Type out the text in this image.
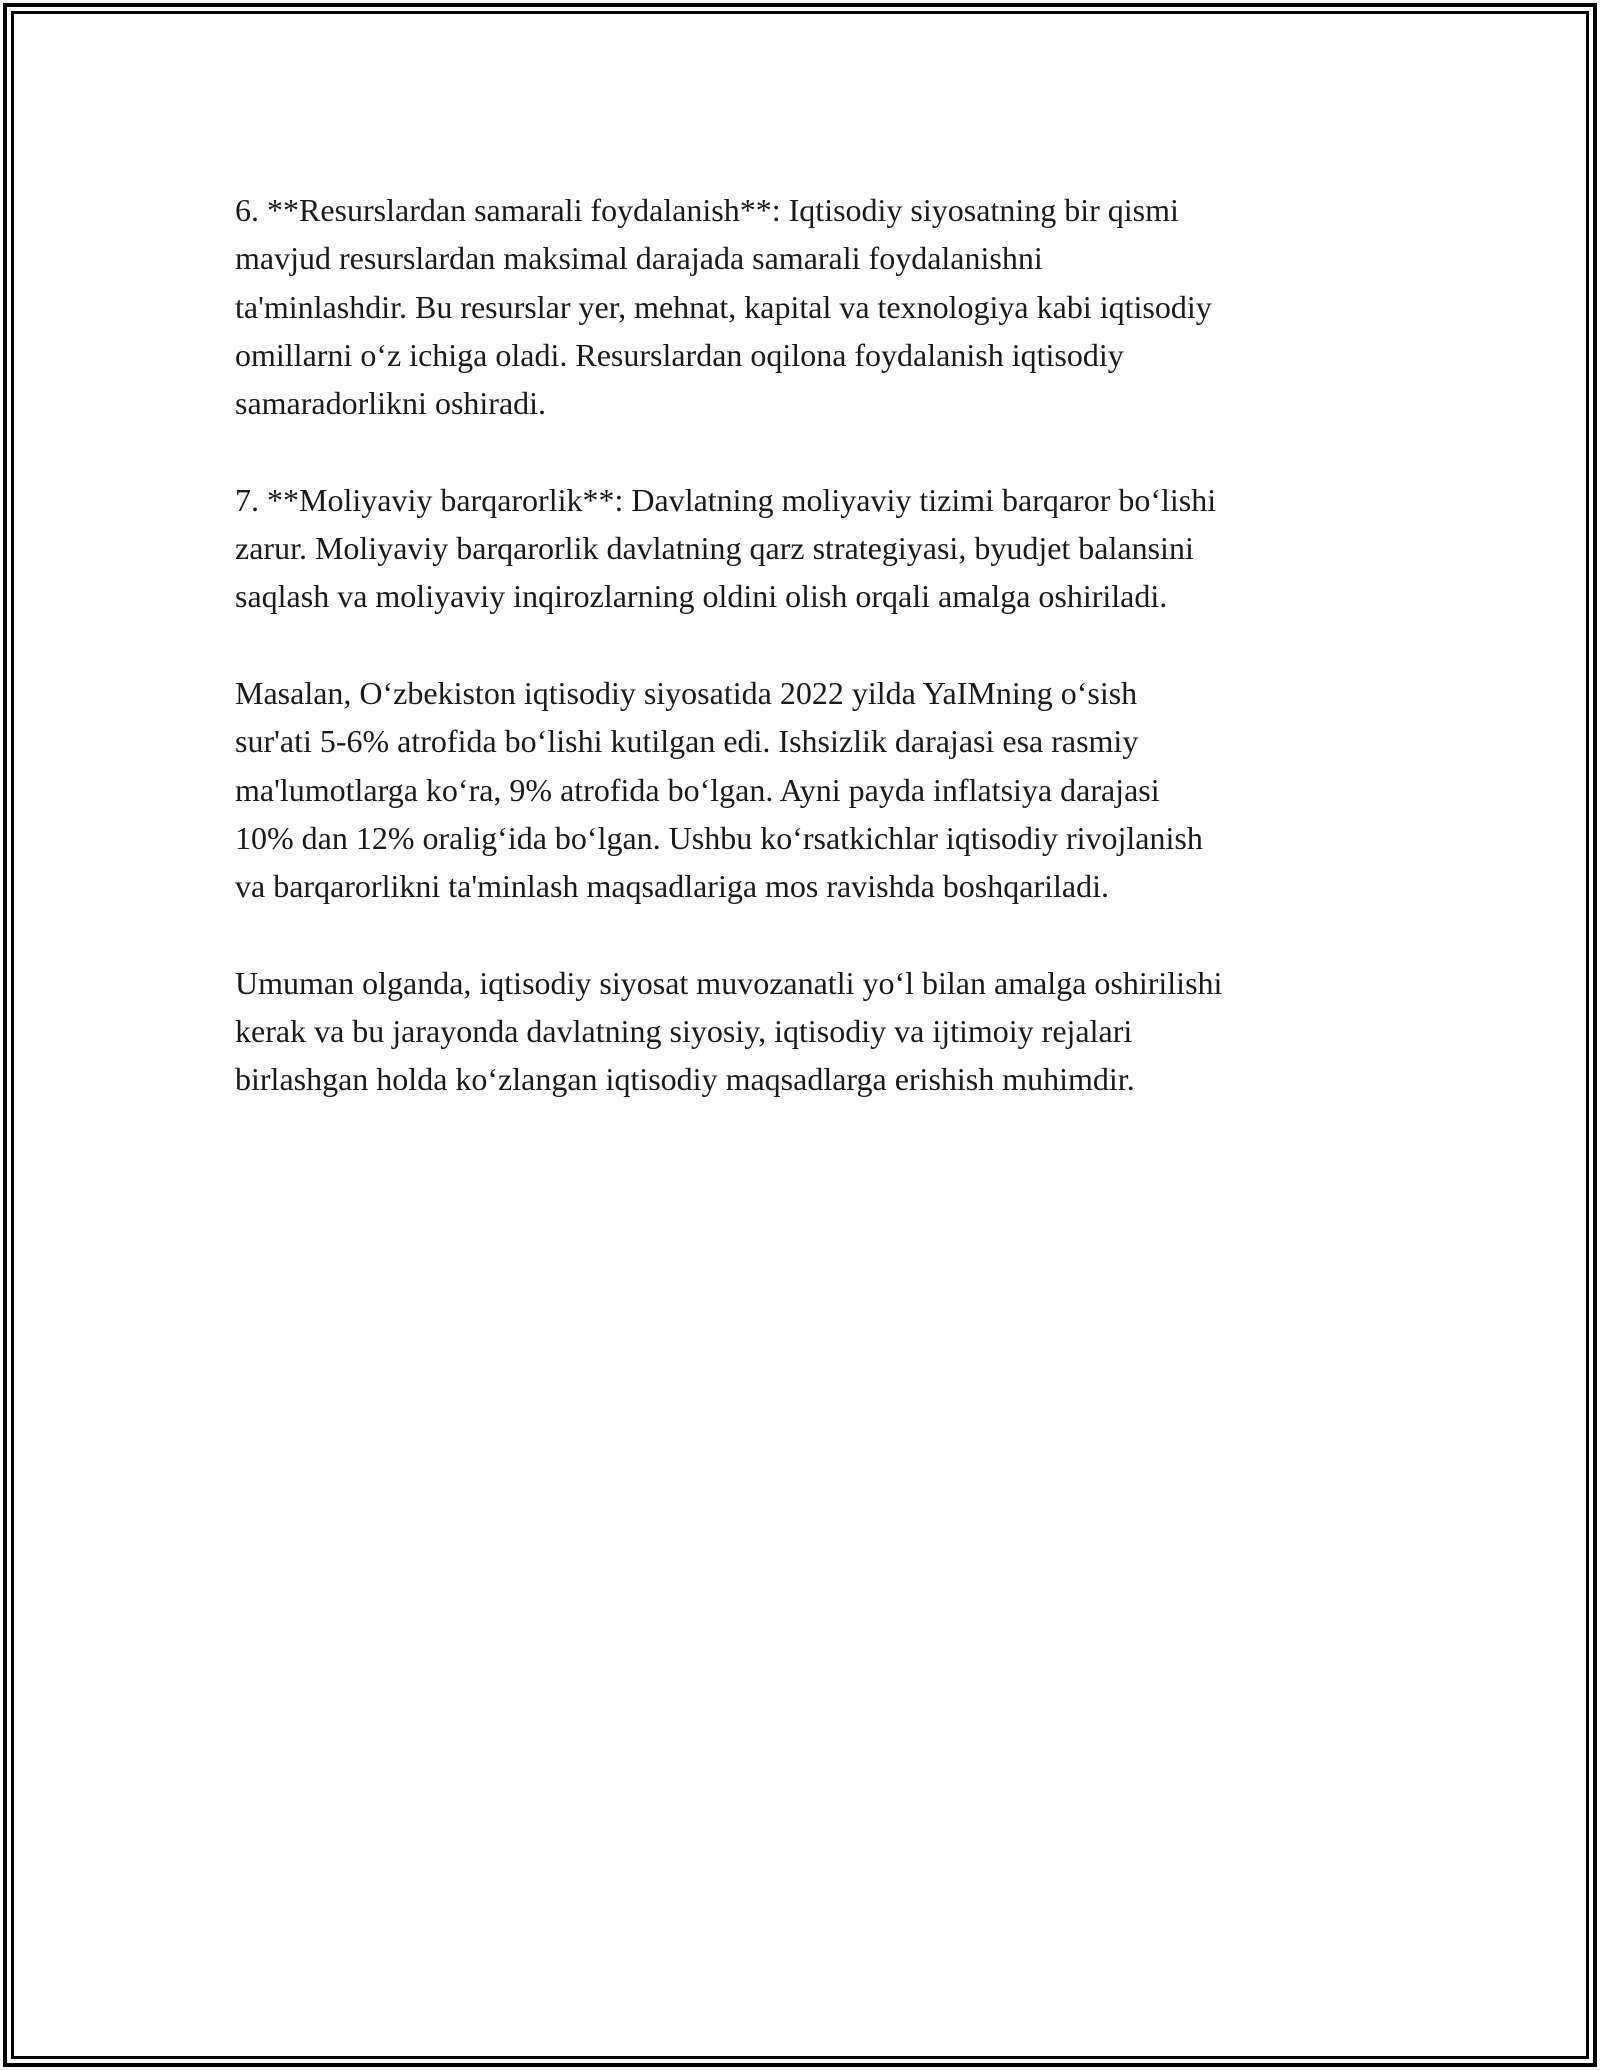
6. **Resurslardan samarali foydalanish**: Iqtisodiy siyosatning bir qismi
mavjud resurslardan maksimal darajada samarali foydalanishni
ta'minlashdir. Bu resurslar yer, mehnat, kapital va texnologiya kabi iqtisodiy
omillarni o‘z ichiga oladi. Resurslardan oqilona foydalanish iqtisodiy
samaradorlikni oshiradi.

7. **Moliyaviy barqarorlik**: Davlatning moliyaviy tizimi barqaror bo‘lishi
zarur. Moliyaviy barqarorlik davlatning qarz strategiyasi, byudjet balansini
saqlash va moliyaviy inqirozlarning oldini olish orqali amalga oshiriladi.

Masalan, O‘zbekiston iqtisodiy siyosatida 2022 yilda YaIMning o‘sish
sur'ati 5-6% atrofida bo‘lishi kutilgan edi. Ishsizlik darajasi esa rasmiy
ma'lumotlarga ko‘ra, 9% atrofida bo‘lgan. Ayni payda inflatsiya darajasi
10% dan 12% oralig‘ida bo‘lgan. Ushbu ko‘rsatkichlar iqtisodiy rivojlanish
va barqarorlikni ta'minlash maqsadlariga mos ravishda boshqariladi.

Umuman olganda, iqtisodiy siyosat muvozanatli yo‘l bilan amalga oshirilishi
kerak va bu jarayonda davlatning siyosiy, iqtisodiy va ijtimoiy rejalari
birlashgan holda ko‘zlangan iqtisodiy maqsadlarga erishish muhimdir.
